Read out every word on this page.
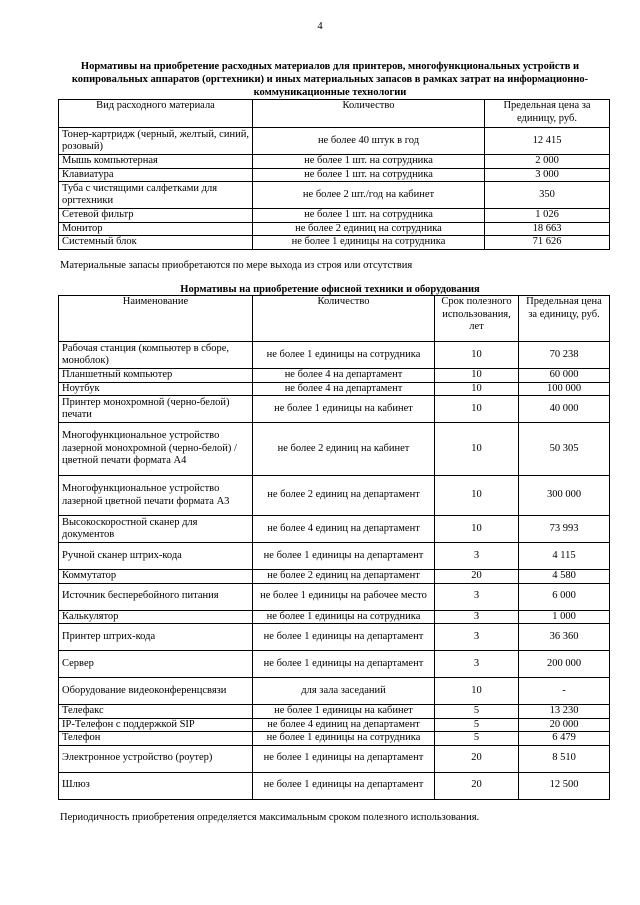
4
Нормативы на приобретение расходных материалов для принтеров, многофункциональных устройств и копировальных аппаратов (оргтехники) и иных материальных запасов в рамках затрат на информационно-коммуникационные технологии
Вид расходного материала	Количество	Предельная цена за единицу, руб.
Тонер-картридж (черный, желтый, синий, розовый)	не более 40 штук в год	12 415
Мышь компьютерная	не более 1 шт. на сотрудника	2 000
Клавиатура	не более 1 шт. на сотрудника	3 000
Туба с чистящими салфетками для оргтехники	не более 2 шт./год на кабинет	350
Сетевой фильтр	не более 1 шт. на сотрудника	1 026
Монитор	не более 2 единиц на сотрудника	18 663
Системный блок	не более 1 единицы на сотрудника	71 626
Материальные запасы приобретаются по мере выхода из строя или отсутствия
Нормативы на приобретение офисной техники и оборудования
Наименование	Количество	Срок полезного использования, лет	Предельная цена за единицу, руб.
Рабочая станция (компьютер в сборе, моноблок)	не более 1 единицы на сотрудника	10	70 238
Планшетный компьютер	не более 4 на департамент	10	60 000
Ноутбук	не более 4 на департамент	10	100 000
Принтер монохромной (черно-белой) печати	не более 1 единицы на кабинет	10	40 000
Многофункциональное устройство лазерной монохромной (черно-белой) / цветной печати формата А4	не более 2 единиц на кабинет	10	50 305
Многофункциональное устройство лазерной цветной печати формата А3	не более 2 единиц на департамент	10	300 000
Высокоскоростной сканер для документов	не более 4 единиц на департамент	10	73 993
Ручной сканер штрих-кода	не более 1 единицы на департамент	3	4 115
Коммутатор	не более 2 единиц на департамент	20	4 580
Источник бесперебойного питания	не более 1 единицы на рабочее место	3	6 000
Калькулятор	не более 1 единицы на сотрудника	3	1 000
Принтер штрих-кода	не более 1 единицы на департамент	3	36 360
Сервер	не более 1 единицы на департамент	3	200 000
Оборудование видеоконференцсвязи	для зала заседаний	10	-
Телефакс	не более 1 единицы на кабинет	5	13 230
IP-Телефон с поддержкой SIP	не более 4 единиц на департамент	5	20 000
Телефон	не более 1 единицы на сотрудника	5	6 479
Электронное устройство (роутер)	не более 1 единицы на департамент	20	8 510
Шлюз	не более 1 единицы на департамент	20	12 500
Периодичность приобретения определяется максимальным сроком полезного использования.
